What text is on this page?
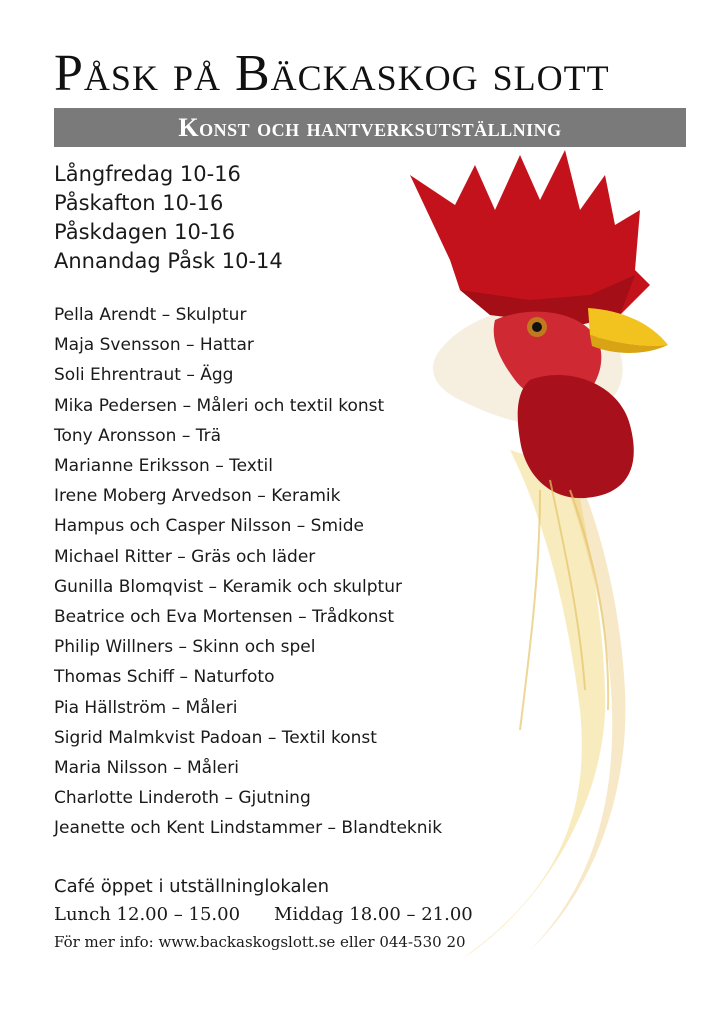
Påsk på Bäckaskog slott
Konst och hantverksutställning
Långfredag 10-16
Påskafton 10-16
Påskdagen 10-16
Annandag Påsk 10-14
Pella Arendt – Skulptur
Maja Svensson – Hattar
Soli Ehrentraut – Ägg
Mika Pedersen – Måleri och textil konst
Tony Aronsson – Trä
Marianne Eriksson – Textil
Irene Moberg Arvedson – Keramik
Hampus och Casper Nilsson – Smide
Michael Ritter – Gräs och läder
Gunilla Blomqvist – Keramik och skulptur
Beatrice och Eva Mortensen – Trådkonst
Philip Willners – Skinn och spel
Thomas Schiff – Naturfoto
Pia Hällström – Måleri
Sigrid Malmkvist Padoan – Textil konst
Maria Nilsson – Måleri
Charlotte Linderoth – Gjutning
Jeanette och Kent Lindstammer – Blandteknik
Café öppet i utställninglokalen
Lunch 12.00 – 15.00 Middag 18.00 – 21.00
För mer info: www.backaskogslott.se eller 044-530 20
